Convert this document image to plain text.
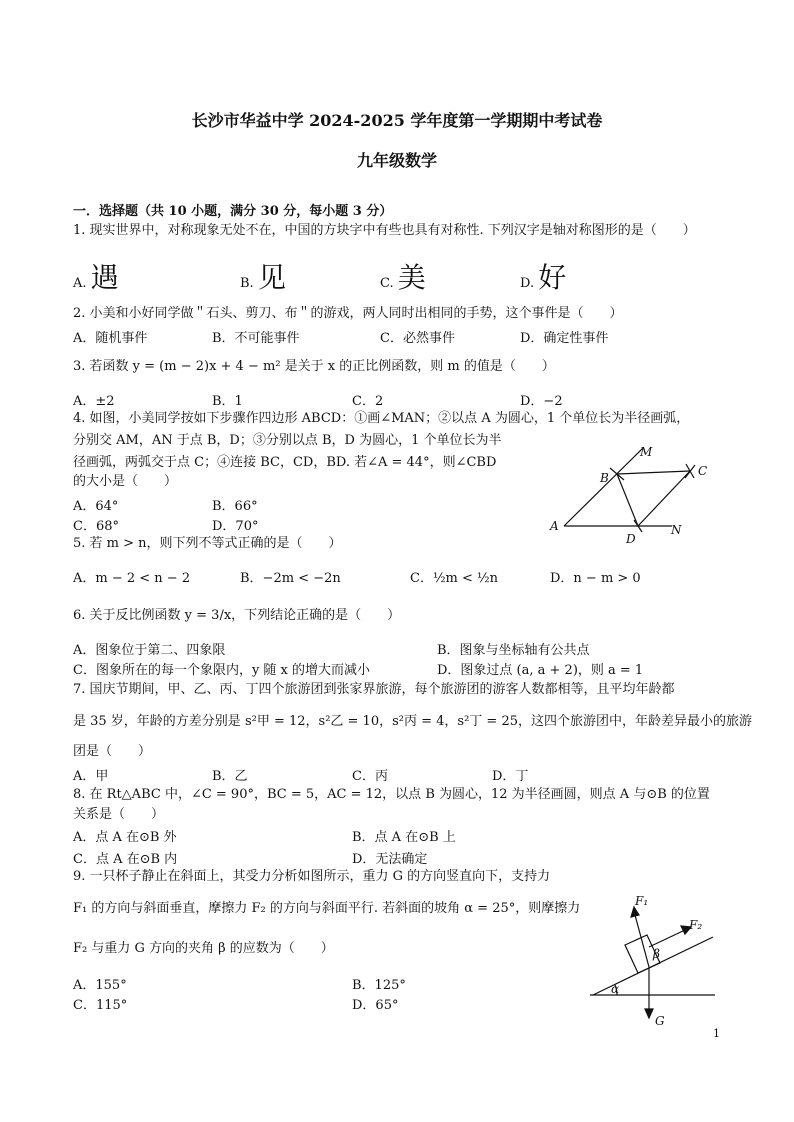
长沙市华益中学 2024-2025 学年度第一学期期中考试卷
九年级数学
一．选择题（共 10 小题，满分 30 分，每小题 3 分）
1. 现实世界中，对称现象无处不在，中国的方块字中有些也具有对称性. 下列汉字是轴对称图形的是（　　）
A. 遇	B. 见	C. 美	D. 好
2. 小美和小好同学做＂石头、剪刀、布＂的游戏，两人同时出相同的手势，这个事件是（　　）
A．随机事件	B．不可能事件	C．必然事件	D．确定性事件
3. 若函数 y = (m − 2)x + 4 − m² 是关于 x 的正比例函数，则 m 的值是（　　）
A．±2	B．1	C．2	D．−2
4. 如图，小美同学按如下步骤作四边形 ABCD：①画∠MAN；②以点 A 为圆心，1 个单位长为半径画弧，
分别交 AM，AN 于点 B，D；③分别以点 B，D 为圆心，1 个单位长为半
径画弧，两弧交于点 C；④连接 BC，CD，BD. 若∠A = 44°，则∠CBD
的大小是（　　）
A．64°	B．66°
C．68°	D．70°	A
B	C
D
M
N
5. 若 m > n，则下列不等式正确的是（　　）
A．m − 2 < n − 2	B．−2m < −2n	C．½m < ½n	D．n − m > 0
6. 关于反比例函数 y = 3/x，下列结论正确的是（　　）
A．图象位于第二、四象限	B．图象与坐标轴有公共点
C．图象所在的每一个象限内，y 随 x 的增大而减小	D．图象过点 (a, a + 2)，则 a = 1
7. 国庆节期间，甲、乙、丙、丁四个旅游团到张家界旅游，每个旅游团的游客人数都相等，且平均年龄都
是 35 岁，年龄的方差分别是 s²甲 = 12，s²乙 = 10，s²丙 = 4，s²丁 = 25，这四个旅游团中，年龄差异最小的旅游
团是（　　）
A．甲	B．乙	C．丙	D．丁
8. 在 Rt△ABC 中，∠C = 90°，BC = 5，AC = 12，以点 B 为圆心，12 为半径画圆，则点 A 与⊙B 的位置
关系是（　　）
A．点 A 在⊙B 外	B．点 A 在⊙B 上
C．点 A 在⊙B 内	D．无法确定
9. 一只杯子静止在斜面上，其受力分析如图所示，重力 G 的方向竖直向下，支持力
F₁ 的方向与斜面垂直，摩擦力 F₂ 的方向与斜面平行. 若斜面的坡角 α = 25°，则摩擦力
F₂ 与重力 G 方向的夹角 β 的应数为（　　）
A．155°	B．125°
C．115°	D．65°
F₁
F₂
G
α
β
1
